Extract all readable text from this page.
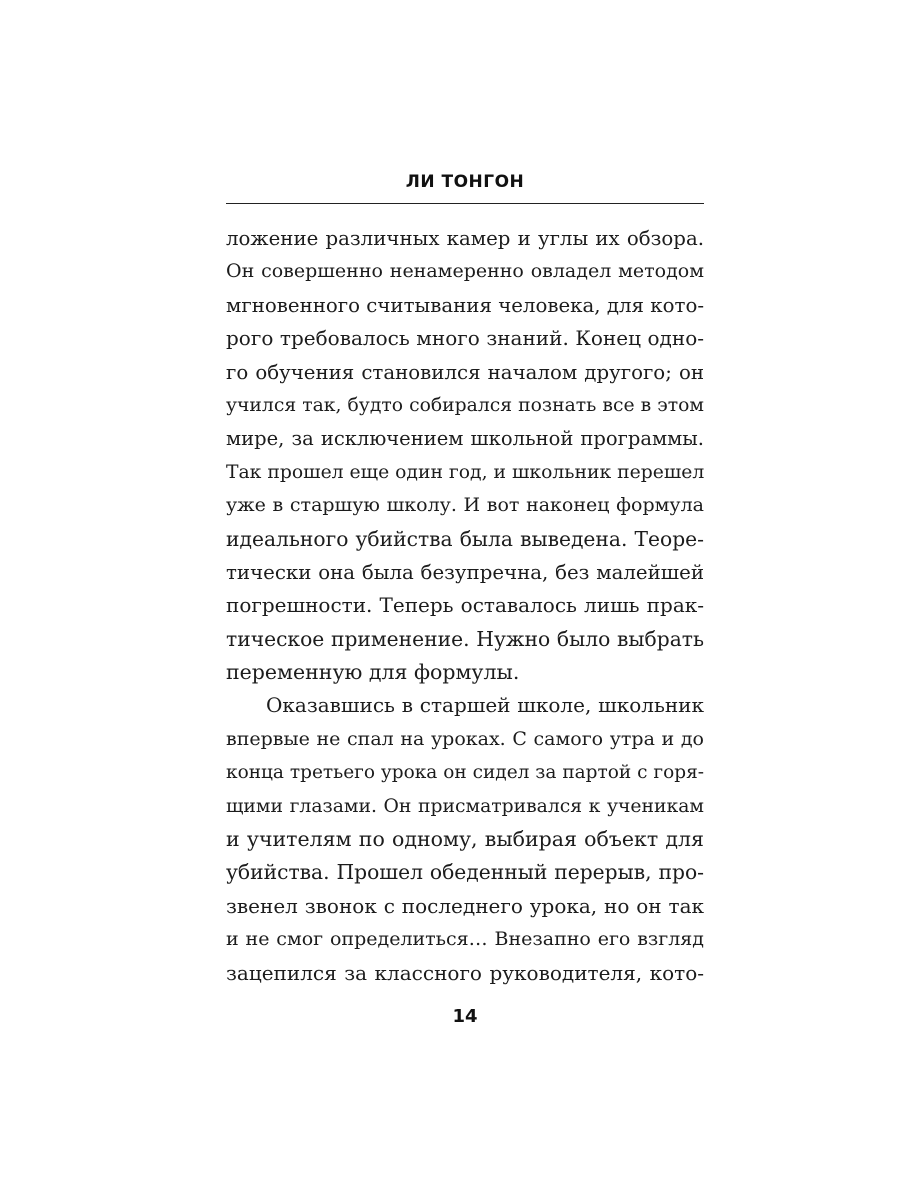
ЛИ ТОНГОН
ложение различных камер и углы их обзора.
Он совершенно ненамеренно овладел методом
мгновенного считывания человека, для кото-
рого требовалось много знаний. Конец одно-
го обучения становился началом другого; он
учился так, будто собирался познать все в этом
мире, за исключением школьной программы.
Так прошел еще один год, и школьник перешел
уже в старшую школу. И вот наконец формула
идеального убийства была выведена. Теоре-
тически она была безупречна, без малейшей
погрешности. Теперь оставалось лишь прак-
тическое применение. Нужно было выбрать
переменную для формулы.
Оказавшись в старшей школе, школьник
впервые не спал на уроках. С самого утра и до
конца третьего урока он сидел за партой с горя-
щими глазами. Он присматривался к ученикам
и учителям по одному, выбирая объект для
убийства. Прошел обеденный перерыв, про-
звенел звонок с последнего урока, но он так
и не смог определиться… Внезапно его взгляд
зацепился за классного руководителя, кото-
14
